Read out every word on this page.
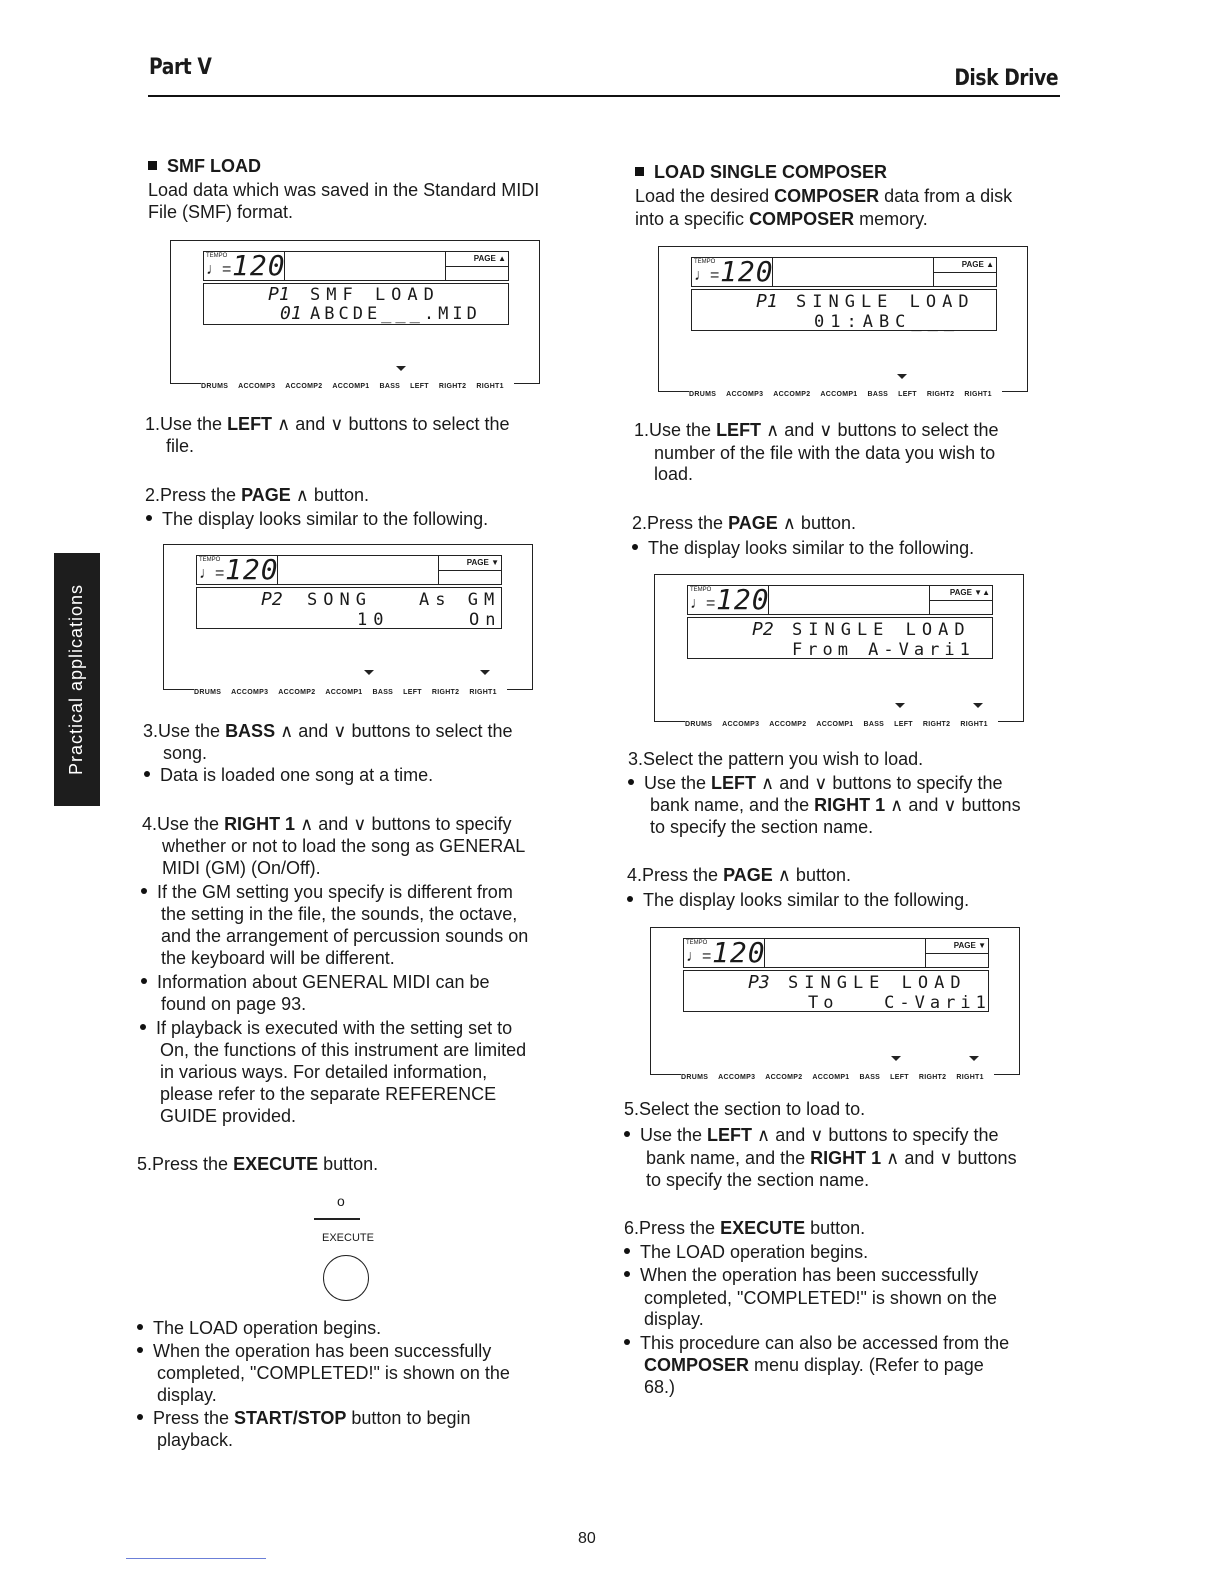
Part V	Disk Drive
Practical applications
SMF LOAD
Load data which was saved in the Standard MIDI
File (SMF) format.
TEMPO
♩= 120	PAGE ▲
P1 SMF LOAD
01 ABCDE___.MID
DRUMS ACCOMP3 ACCOMP2 ACCOMP1 BASS LEFT RIGHT2 RIGHT1
1.Use the LEFT ∧ and ∨ buttons to select the
file.
2.Press the PAGE ∧ button.
The display looks similar to the following.
TEMPO
♩= 120	PAGE ▼
P2 SONG	As GM
10	On
DRUMS ACCOMP3 ACCOMP2 ACCOMP1 BASS LEFT RIGHT2 RIGHT1
3.Use the BASS ∧ and ∨ buttons to select the
song.
Data is loaded one song at a time.
4.Use the RIGHT 1 ∧ and ∨ buttons to specify
whether or not to load the song as GENERAL
MIDI (GM) (On/Off).
If the GM setting you specify is different from
the setting in the file, the sounds, the octave,
and the arrangement of percussion sounds on
the keyboard will be different.
Information about GENERAL MIDI can be
found on page 93.
If playback is executed with the setting set to
On, the functions of this instrument are limited
in various ways. For detailed information,
please refer to the separate REFERENCE
GUIDE provided.
5.Press the EXECUTE button.
o
EXECUTE
The LOAD operation begins.
When the operation has been successfully
completed, "COMPLETED!" is shown on the
display.
Press the START/STOP button to begin
playback.
LOAD SINGLE COMPOSER
Load the desired COMPOSER data from a disk
into a specific COMPOSER memory.
TEMPO
♩= 120	PAGE ▲
P1 SINGLE LOAD
01:ABC___
DRUMS ACCOMP3 ACCOMP2 ACCOMP1 BASS LEFT RIGHT2 RIGHT1
1.Use the LEFT ∧ and ∨ buttons to select the
number of the file with the data you wish to
load.
2.Press the PAGE ∧ button.
The display looks similar to the following.
TEMPO
♩= 120	PAGE ▼▲
P2 SINGLE LOAD
From A-Vari1
DRUMS ACCOMP3 ACCOMP2 ACCOMP1 BASS LEFT RIGHT2 RIGHT1
3.Select the pattern you wish to load.
Use the LEFT ∧ and ∨ buttons to specify the
bank name, and the RIGHT 1 ∧ and ∨ buttons
to specify the section name.
4.Press the PAGE ∧ button.
The display looks similar to the following.
TEMPO
♩= 120	PAGE ▼
P3 SINGLE LOAD
To   C-Vari1
DRUMS ACCOMP3 ACCOMP2 ACCOMP1 BASS LEFT RIGHT2 RIGHT1
5.Select the section to load to.
Use the LEFT ∧ and ∨ buttons to specify the
bank name, and the RIGHT 1 ∧ and ∨ buttons
to specify the section name.
6.Press the EXECUTE button.
The LOAD operation begins.
When the operation has been successfully
completed, "COMPLETED!" is shown on the
display.
This procedure can also be accessed from the
COMPOSER menu display. (Refer to page
68.)
80
